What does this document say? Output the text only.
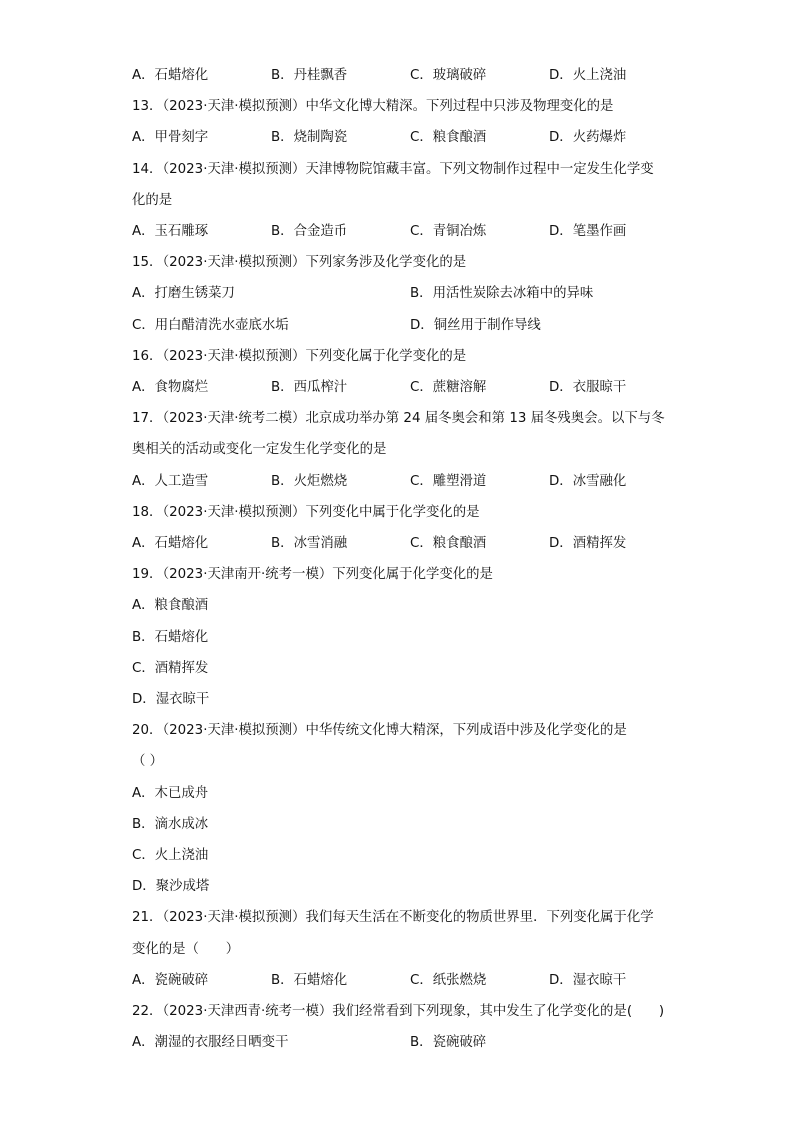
A．石蜡熔化	B．丹桂飘香	C．玻璃破碎	D．火上浇油
13．（2023·天津·模拟预测）中华文化博大精深。下列过程中只涉及物理变化的是
A．甲骨刻字	B．烧制陶瓷	C．粮食酿酒	D．火药爆炸
14．（2023·天津·模拟预测）天津博物院馆藏丰富。下列文物制作过程中一定发生化学变
化的是
A．玉石雕琢	B．合金造币	C．青铜冶炼	D．笔墨作画
15．（2023·天津·模拟预测）下列家务涉及化学变化的是
A．打磨生锈菜刀	B．用活性炭除去冰箱中的异味
C．用白醋清洗水壶底水垢	D．铜丝用于制作导线
16．（2023·天津·模拟预测）下列变化属于化学变化的是
A．食物腐烂	B．西瓜榨汁	C．蔗糖溶解	D．衣服晾干
17．（2023·天津·统考二模）北京成功举办第 24 届冬奥会和第 13 届冬残奥会。以下与冬
奥相关的活动或变化一定发生化学变化的是
A．人工造雪	B．火炬燃烧	C．雕塑滑道	D．冰雪融化
18．（2023·天津·模拟预测）下列变化中属于化学变化的是
A．石蜡熔化	B．冰雪消融	C．粮食酿酒	D．酒精挥发
19．（2023·天津南开·统考一模）下列变化属于化学变化的是
A．粮食酿酒
B．石蜡熔化
C．酒精挥发
D．湿衣晾干
20．（2023·天津·模拟预测）中华传统文化博大精深，下列成语中涉及化学变化的是
（ ）
A．木已成舟
B．滴水成冰
C．火上浇油
D．聚沙成塔
21．（2023·天津·模拟预测）我们每天生活在不断变化的物质世界里．下列变化属于化学
变化的是（　　）
A．瓷碗破碎	B．石蜡熔化	C．纸张燃烧	D．湿衣晾干
22．（2023·天津西青·统考一模）我们经常看到下列现象，其中发生了化学变化的是(　　)
A．潮湿的衣服经日晒变干	B．瓷碗破碎
